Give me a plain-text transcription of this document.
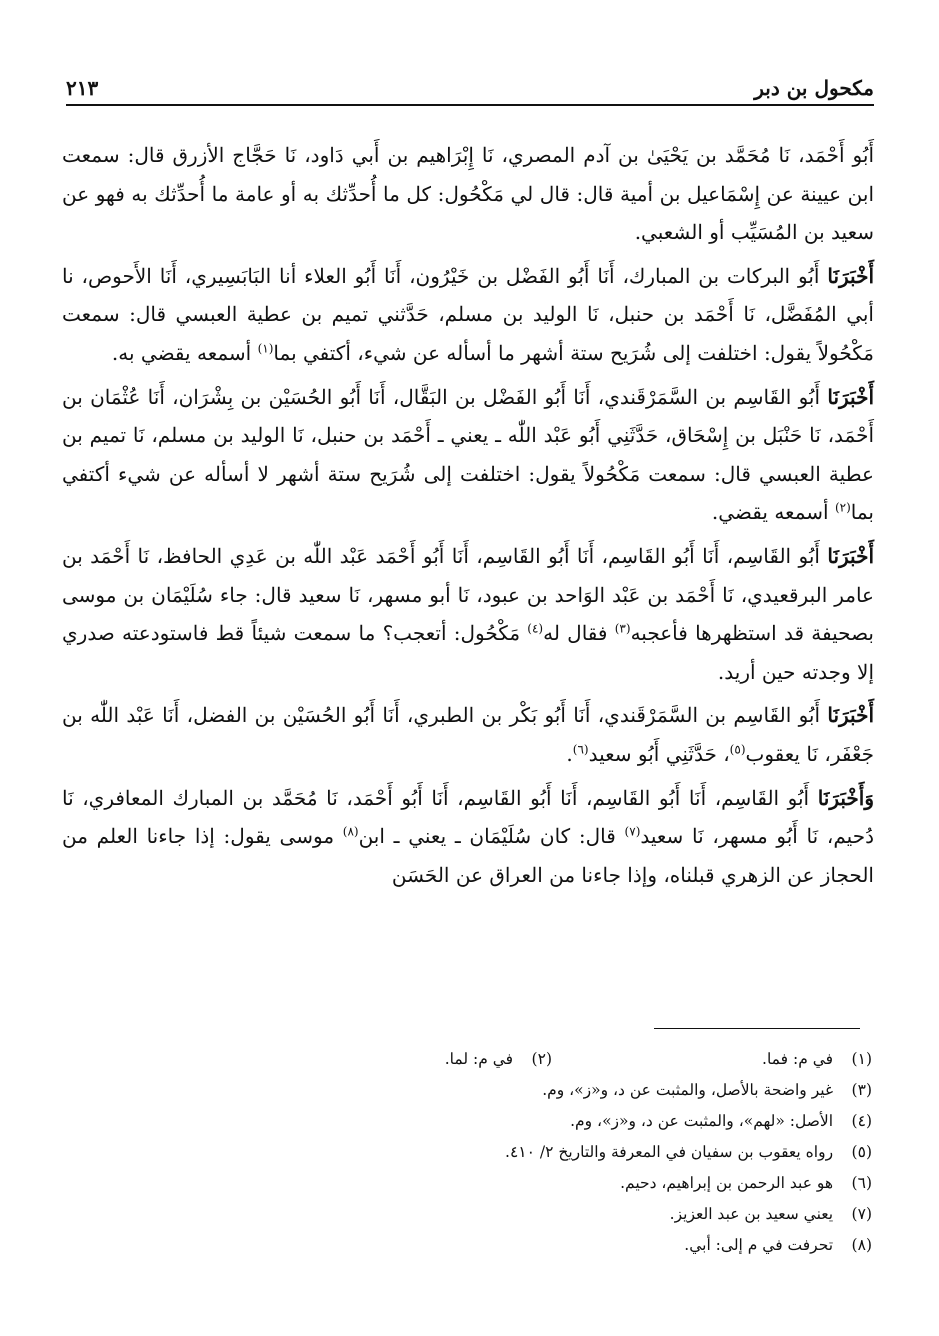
مكحول بن دبر
٢١٣

أَبُو أَحْمَد، نَا مُحَمَّد بن يَحْيَىٰ بن آدم المصري، نَا إِبْرَاهيم بن أَبي دَاود، نَا حَجَّاج الأزرق قال: سمعت ابن عيينة عن إِسْمَاعيل بن أمية قال: قال لي مَكْحُول: كل ما أُحدِّثك به أو عامة ما أُحدِّثك به فهو عن سعيد بن المُسَيِّب أو الشعبي.

أَخْبَرَنَا أَبُو البركات بن المبارك، أَنَا أَبُو الفَضْل بن خَيْرُون، أَنَا أَبُو العلاء أنا البَابَسِيري، أَنَا الأَحوص، نا أبي المُفَضَّل، نَا أَحْمَد بن حنبل، نَا الوليد بن مسلم، حَدَّثني تميم بن عطية العبسي قال: سمعت مَكْحُولاً يقول: اختلفت إلى شُرَيح ستة أشهر ما أسأله عن شيء، أكتفي بما$^{(١)}$ أسمعه يقضي به.

أَخْبَرَنَا أَبُو القَاسِم بن السَّمَرْقَندي، أَنَا أَبُو الفَضْل بن البَقَّال، أَنَا أَبُو الحُسَيْن بن بِشْرَان، أَنَا عُثْمَان بن أَحْمَد، نَا حَنْبَل بن إِسْحَاق، حَدَّثَنِي أَبُو عَبْد اللّٰه ـ يعني ـ أَحْمَد بن حنبل، نَا الوليد بن مسلم، نَا تميم بن عطية العبسي قال: سمعت مَكْحُولاً يقول: اختلفت إلى شُرَيح ستة أشهر لا أسأله عن شيء أكتفي بما$^{(٢)}$ أسمعه يقضي.

أَخْبَرَنَا أَبُو القَاسِم، أَنَا أَبُو القَاسِم، أَنَا أَبُو القَاسِم، أَنَا أَبُو أَحْمَد عَبْد اللّٰه بن عَدِي الحافظ، نَا أَحْمَد بن عامر البرقعيدي، نَا أَحْمَد بن عَبْد الوَاحد بن عبود، نَا أبو مسهر، نَا سعيد قال: جاء سُلَيْمَان بن موسى بصحيفة قد استظهرها فأعجبه$^{(٣)}$ فقال له$^{(٤)}$ مَكْحُول: أتعجب؟ ما سمعت شيئاً قط فاستودعته صدري إلا وجدته حين أريد.

أَخْبَرَنَا أَبُو القَاسِم بن السَّمَرْقَندي، أَنَا أَبُو بَكْر بن الطبري، أَنَا أَبُو الحُسَيْن بن الفضل، أَنَا عَبْد اللّٰه بن جَعْفَر، نَا يعقوب$^{(٥)}$، حَدَّثَنِي أَبُو سعيد$^{(٦)}$.

وَأَخْبَرَنَا أَبُو القَاسِم، أَنَا أَبُو القَاسِم، أَنَا أَبُو القَاسِم، أَنَا أَبُو أَحْمَد، نَا مُحَمَّد بن المبارك المعافري، نَا دُحيم، نَا أَبُو مسهر، نَا سعيد$^{(٧)}$ قال: كان سُلَيْمَان ـ يعني ـ ابن$^{(٨)}$ موسى يقول: إذا جاءنا العلم من الحجاز عن الزهري قبلناه، وإذا جاءنا من العراق عن الحَسَن

(١) في م: فما.
(٢) في م: لما.
(٣) غير واضحة بالأصل، والمثبت عن د، و«ز»، وم.
(٤) الأصل: «لهم»، والمثبت عن د، و«ز»، وم.
(٥) رواه يعقوب بن سفيان في المعرفة والتاريخ ٢/ ٤١٠.
(٦) هو عبد الرحمن بن إبراهيم، دحيم.
(٧) يعني سعيد بن عبد العزيز.
(٨) تحرفت في م إلى: أبي.
